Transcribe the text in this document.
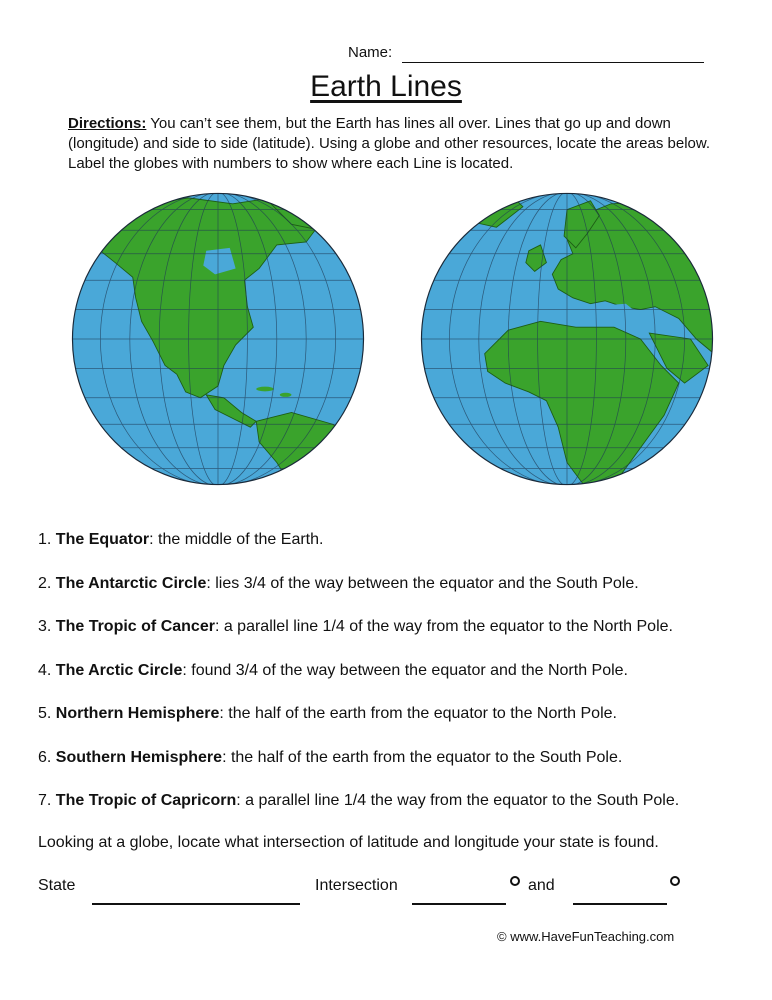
Name:
Earth Lines
Directions: You can’t see them, but the Earth has lines all over. Lines that go up and down (longitude) and side to side (latitude). Using a globe and other resources, locate the areas below. Label the globes with numbers to show where each Line is located.
1. The Equator: the middle of the Earth.
2. The Antarctic Circle: lies 3/4 of the way between the equator and the South Pole.
3. The Tropic of Cancer: a parallel line 1/4 of the way from the equator to the North Pole.
4. The Arctic Circle: found 3/4 of the way between the equator and the North Pole.
5. Northern Hemisphere: the half of the earth from the equator to the North Pole.
6. Southern Hemisphere: the half of the earth from the equator to the South Pole.
7. The Tropic of Capricorn: a parallel line 1/4 the way from the equator to the South Pole.
Looking at a globe, locate what intersection of latitude and longitude your state is found.
State	Intersection	and
© www.HaveFunTeaching.com
